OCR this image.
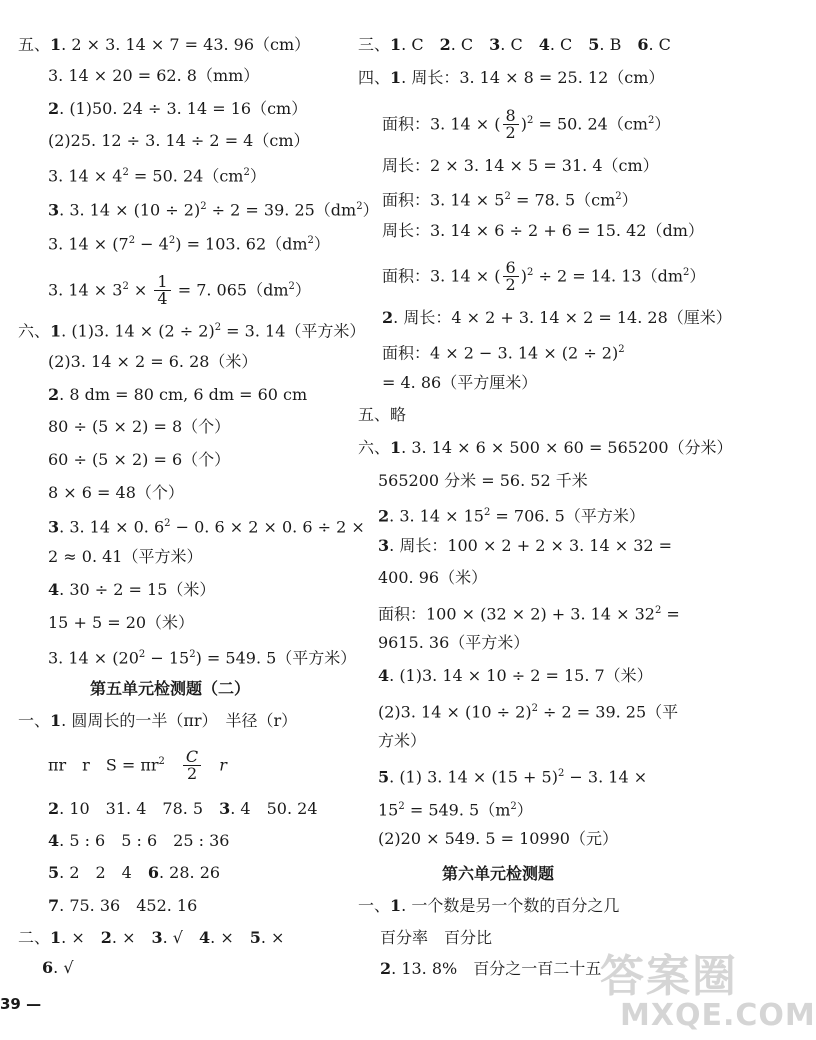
五、1. 2 × 3. 14 × 7 = 43. 96（cm）
3. 14 × 20 = 62. 8（mm）
2. (1)50. 24 ÷ 3. 14 = 16（cm）
(2)25. 12 ÷ 3. 14 ÷ 2 = 4（cm）
3. $14 \times 4^2 = 50$. $24(cm^2)$
3. 3. $14 \times (10 \div 2)^2 \div 2 = 39$. $25(dm^2)$
3. $14 \times (7^2 - 4^2) = 103$. $62(dm^2)$
3. $14 \times 3^2 \times \frac{1}{4} = 7$. $065(dm^2)$
六、1. (1)3. $14 \times (2 \div 2)^2 = 3$. 14（平方米）
(2)3. 14 × 2 = 6. 28（米）
2. 8 dm = 80 cm, 6 dm = 60 cm
80 ÷ (5 × 2) = 8（个）
60 ÷ (5 × 2) = 6（个）
8 × 6 = 48（个）
3. 3. 14 × 0. $6^2 - 0$. 6 × 2 × 0. 6 ÷ 2 ×
2 ≈ 0. 41（平方米）
4. 30 ÷ 2 = 15（米）
15 + 5 = 20（米）
3. $14 \times (20^2 - 15^2) = 549$. 5（平方米）
第五单元检测题（二）
一、1. 圆周长的一半（πr）　半径（r）
πr　r　$S = \pi r^2$　 $\frac{C}{2}$
　 r
2. 10　31. 4　78. 5　3. 4　50. 24
4. 5 : 6　5 : 6　25 : 36
5. 2　2　4　6. 28. 26
7. 75. 36　452. 16
二、1. ×　2. ×　3. √　4. ×　5. ×
6. √
三、1. C　2. C　3. C　4. C　5. B　6. C
四、1. 周长：3. 14 × 8 = 25. 12（cm）
面积：3. 14 × ( $\frac{8}{2} )^2 = 50$. $24(cm^2)$
周长：2 × 3. 14 × 5 = 31. 4（cm）
面积：3. $14 \times 5^2 = 78$. $5(cm^2)$
周长：3. 14 × 6 ÷ 2 + 6 = 15. 42（dm）
面积：3. 14 × ( $\frac{6}{2} )^2 \div 2 = 14$. $13(dm^2)$
2. 周长：4 × 2 + 3. 14 × 2 = 14. 28（厘米）
面积：4 × 2 − 3. $14 \times (2 \div 2)^2$
= 4. 86（平方厘米）
五、略
六、1. 3. 14 × 6 × 500 × 60 = 565200（分米）
565200 分米 = 56. 52 千米
2. 3. $14 \times 15^2 = 706$. 5（平方米）
3. 周长：100 × 2 + 2 × 3. 14 × 32 =
400. 96（米）
面积：100 × (32 × 2) + 3. $14 \times 32^2$ =
9615. 36（平方米）
4. (1)3. 14 × 10 ÷ 2 = 15. 7（米）
(2)3. $14 \times (10 \div 2)^2 \div 2 = 39$. 25（平
方米）
5. (1) 3. $14 \times (15 + 5)^2 - 3$. 14 ×
$15^2 = 549$. $5(m^2)$
(2)20 × 549. 5 = 10990（元）
第六单元检测题
一、1. 一个数是另一个数的百分之几
百分率　百分比
2. 13. 8%　百分之一百二十五
39 —
答案圈
MXQE.COM
